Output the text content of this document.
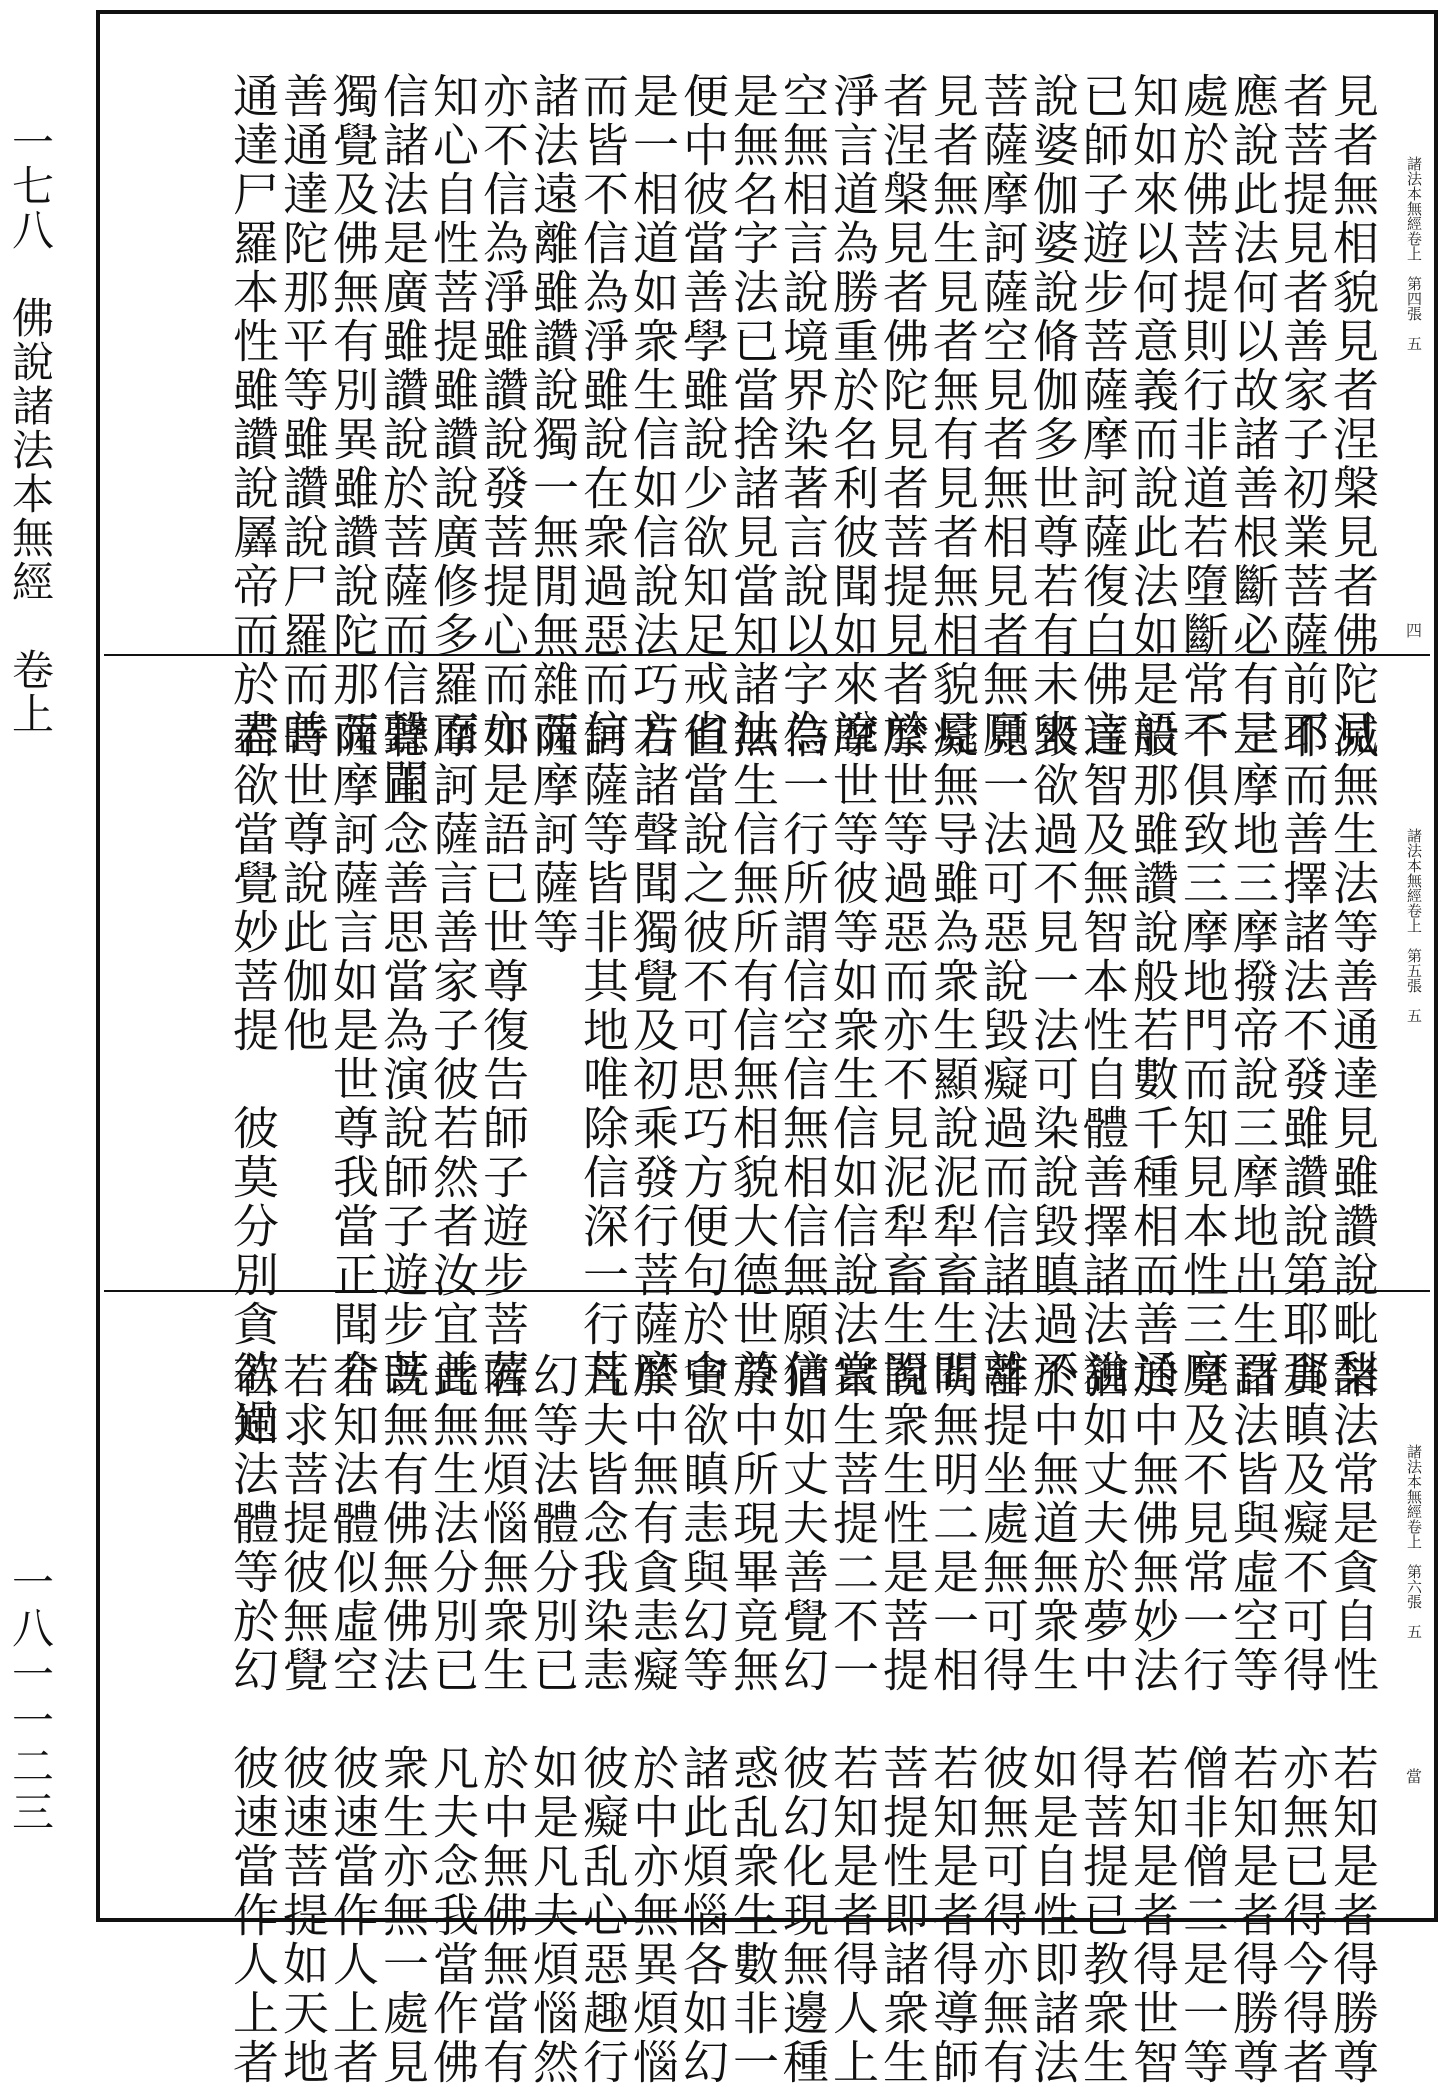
一七八　佛說諸法本無經　卷上
一八一一二三
諸法本無經卷上　第四張　五
四
見者無相貌見者涅槃見者佛陀見
者菩提見者善家子初業菩薩前不
應說此法何以故諸善根斷必有是
處於佛菩提則行非道若墮斷常不
知如來以何意義而說此法如是語
已師子遊步菩薩摩訶薩復白佛言
說婆伽婆說脩伽多世尊若有未來
菩薩摩訶薩空見者無相見者無願
見者無生見者無有見者無相貌見
者涅槃見者佛陀見者菩提見者於
淨言道為勝重於名利彼聞如來說
空無相言說境界染著言說以字為
是無名字法已當捨諸見當知諸法
便中彼當善學雖說少欲知足戒省
是一相道如衆生信如信說法巧方
而皆不信為淨雖說在衆過惡而信
諸法遠離雖讚說獨一無閒無雜而
亦不信為淨雖讚說發菩提心而亦
知心自性菩提雖讚說廣修多羅而
信諸法是廣雖讚說於菩薩而信聲聞
獨覺及佛無有別異雖讚說陀那而
善通達陀那平等雖讚說尸羅而善
通達尸羅本性雖讚說羼帝而於盡
諸法本無經卷上　第五張　五
滅無生法等善通達見雖讚說毗梨
耶而善擇諸法不發雖讚說第耶那
三摩地三摩撥帝說三摩地出生百
千俱致三摩地門而知見本性三摩
般那雖讚說般若數千種相而善通
達智及無智本性自體善擇諸法說
毀欲過不見一法可染說毀瞋過不
見一法可惡說毀癡過而信諸法離
癡無导雖為衆生顯說泥犁畜生閻
摩世等過惡而亦不見泥犁畜生閻
摩世等彼等如衆生信如信說法當
信一行所謂信空信無相信無願信
無生信無所有信無相貌大德世尊
但當說之彼不可思巧方便句於中
若諸聲聞獨覺及初乘發行菩薩摩
訶薩等皆非其地唯除信深一行菩
薩摩訶薩等
如是語已世尊復告師子遊步菩薩
摩訶薩言善家子彼若然者汝宜善
聽正念善思當為演說師子遊步菩
薩摩訶薩言如是世尊我當正聞介
時世尊說此伽他
若欲當覺妙菩提　彼莫分別貪欲過
諸法本無經卷上　第六張　五
當
諸法常是貪自性　若知是者得勝尊
貪瞋及癡不可得　亦無已得今得者
諸法皆與虛空等　若知是者得勝尊
見及不見常一行　僧非僧二是一等
於中無佛無妙法　若知是者得世智
猶如丈夫於夢中　得菩提已教衆生
於中無道無衆生　如是自性即諸法
菩提坐處無可得　彼無可得亦無有
明無明二是一相　若知是者得導師
說衆生性是菩提　菩提性即諸衆生
衆生菩提二不一　若知是者得人上
猶如丈夫善覺幻　彼幻化現無邊種
於中所現畢竟無　惑乱衆生數非一
貪欲瞋恚與幻等　諸此煩惱各如幻
於中無有貪恚癡　於中亦無異煩惱
凡夫皆念我染恚　彼癡乱心惡趣行
幻等法體分別已　如是凡夫煩惱然
若無煩惱無衆生　於中無佛無當有
此無生法分別已　凡夫念我當作佛
既無有佛無佛法　衆生亦無一處見
若知法體似虛空　彼速當作人上者
若求菩提彼無覺　彼速菩提如天地
若知法體等於幻　彼速當作人上者
